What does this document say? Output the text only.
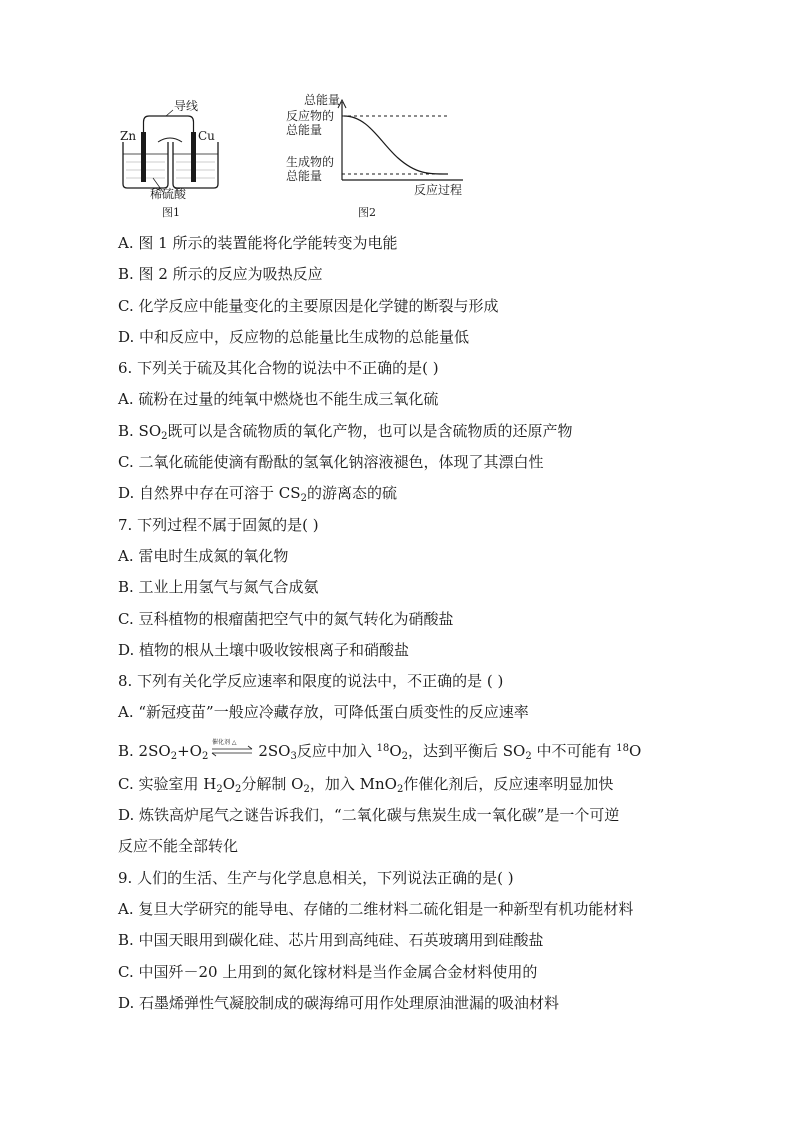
Zn	Cu
导线
稀硫酸
图1
总能量
反应物的
总能量
生成物的
总能量
反应过程
图2
A. 图 1 所示的装置能将化学能转变为电能
B. 图 2 所示的反应为吸热反应
C. 化学反应中能量变化的主要原因是化学键的断裂与形成
D. 中和反应中，反应物的总能量比生成物的总能量低
6. 下列关于硫及其化合物的说法中不正确的是( )
A. 硫粉在过量的纯氧中燃烧也不能生成三氧化硫
B. $SO_2$既可以是含硫物质的氧化产物，也可以是含硫物质的还原产物
C. 二氧化硫能使滴有酚酞的氢氧化钠溶液褪色，体现了其漂白性
D. 自然界中存在可溶于 $CS_2$的游离态的硫
7. 下列过程不属于固氮的是( )
A. 雷电时生成氮的氧化物
B. 工业上用氢气与氮气合成氨
C. 豆科植物的根瘤菌把空气中的氮气转化为硝酸盐
D. 植物的根从土壤中吸收铵根离子和硝酸盐
8. 下列有关化学反应速率和限度的说法中，不正确的是 ( )
A. “新冠疫苗”一般应冷藏存放，可降低蛋白质变性的反应速率
B. $2SO_2+O_2$
催化剂 △ $2SO_3$反应中加入 $^{18}O_2$，达到平衡后 $SO_2$ 中不可能有 $^{18}$O
C. 实验室用 $H_2O_2$分解制 $O_2$，加入 MnO$_2$作催化剂后，反应速率明显加快
D. 炼铁高炉尾气之谜告诉我们，“二氧化碳与焦炭生成一氧化碳”是一个可逆
反应不能全部转化
9. 人们的生活、生产与化学息息相关，下列说法正确的是( )
A. 复旦大学研究的能导电、存储的二维材料二硫化钼是一种新型有机功能材料
B. 中国天眼用到碳化硅、芯片用到高纯硅、石英玻璃用到硅酸盐
C. 中国歼－20 上用到的氮化镓材料是当作金属合金材料使用的
D. 石墨烯弹性气凝胶制成的碳海绵可用作处理原油泄漏的吸油材料
